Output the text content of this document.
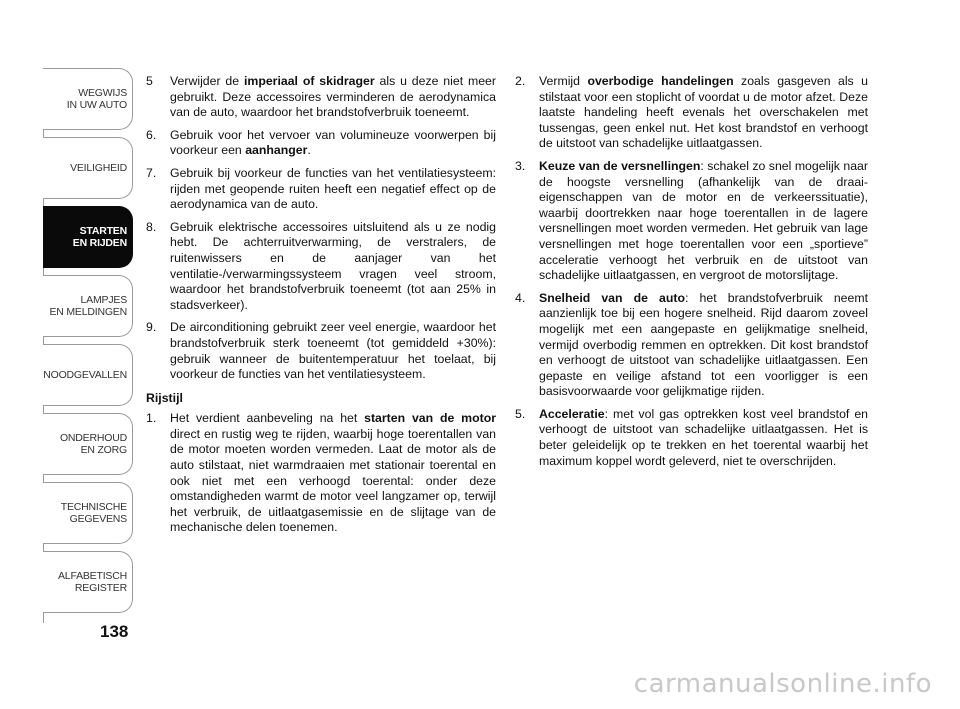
WEGWIJS
IN UW AUTO
VEILIGHEID
STARTEN
EN RIJDEN
LAMPJES
EN MELDINGEN
NOODGEVALLEN
ONDERHOUD
EN ZORG
TECHNISCHE
GEGEVENS
ALFABETISCH
REGISTER
138
5 Verwijder de imperiaal of skidrager als u deze niet meer gebruikt. Deze accessoires verminderen de aerodynamica van de auto, waardoor het brandstofverbruik toeneemt.
6. Gebruik voor het vervoer van volumineuze voorwerpen bij voorkeur een aanhanger.
7. Gebruik bij voorkeur de functies van het ventilatiesysteem: rijden met geopende ruiten heeft een negatief effect op de aerodynamica van de auto.
8. Gebruik elektrische accessoires uitsluitend als u ze nodig hebt. De achterruitverwarming, de verstralers, de ruitenwissers en de aanjager van het ventilatie-/verwarmingssysteem vragen veel stroom, waardoor het brandstofverbruik toeneemt (tot aan 25% in stadsverkeer).
9. De airconditioning gebruikt zeer veel energie, waardoor het brandstofverbruik sterk toeneemt (tot gemiddeld +30%): gebruik wanneer de buitentemperatuur het toelaat, bij voorkeur de functies van het ventilatiesysteem.
Rijstijl
1. Het verdient aanbeveling na het starten van de motor direct en rustig weg te rijden, waarbij hoge toerentallen van de motor moeten worden vermeden. Laat de motor als de auto stilstaat, niet warmdraaien met stationair toerental en ook niet met een verhoogd toerental: onder deze omstandigheden warmt de motor veel langzamer op, terwijl het verbruik, de uitlaatgasemissie en de slijtage van de mechanische delen toenemen.
2. Vermijd overbodige handelingen zoals gasgeven als u stilstaat voor een stoplicht of voordat u de motor afzet. Deze laatste handeling heeft evenals het overschakelen met tussengas, geen enkel nut. Het kost brandstof en verhoogt de uitstoot van schadelijke uitlaatgassen.
3. Keuze van de versnellingen: schakel zo snel mogelijk naar de hoogste versnelling (afhankelijk van de draai-eigenschappen van de motor en de verkeerssituatie), waarbij doortrekken naar hoge toerentallen in de lagere versnellingen moet worden vermeden. Het gebruik van lage versnellingen met hoge toerentallen voor een „sportieve” acceleratie verhoogt het verbruik en de uitstoot van schadelijke uitlaatgassen, en vergroot de motorslijtage.
4. Snelheid van de auto: het brandstofverbruik neemt aanzienlijk toe bij een hogere snelheid. Rijd daarom zoveel mogelijk met een aangepaste en gelijkmatige snelheid, vermijd overbodig remmen en optrekken. Dit kost brandstof en verhoogt de uitstoot van schadelijke uitlaatgassen. Een gepaste en veilige afstand tot een voorligger is een basisvoorwaarde voor gelijkmatige rijden.
5. Acceleratie: met vol gas optrekken kost veel brandstof en verhoogt de uitstoot van schadelijke uitlaatgassen. Het is beter geleidelijk op te trekken en het toerental waarbij het maximum koppel wordt geleverd, niet te overschrijden.
carmanualsonline.info
